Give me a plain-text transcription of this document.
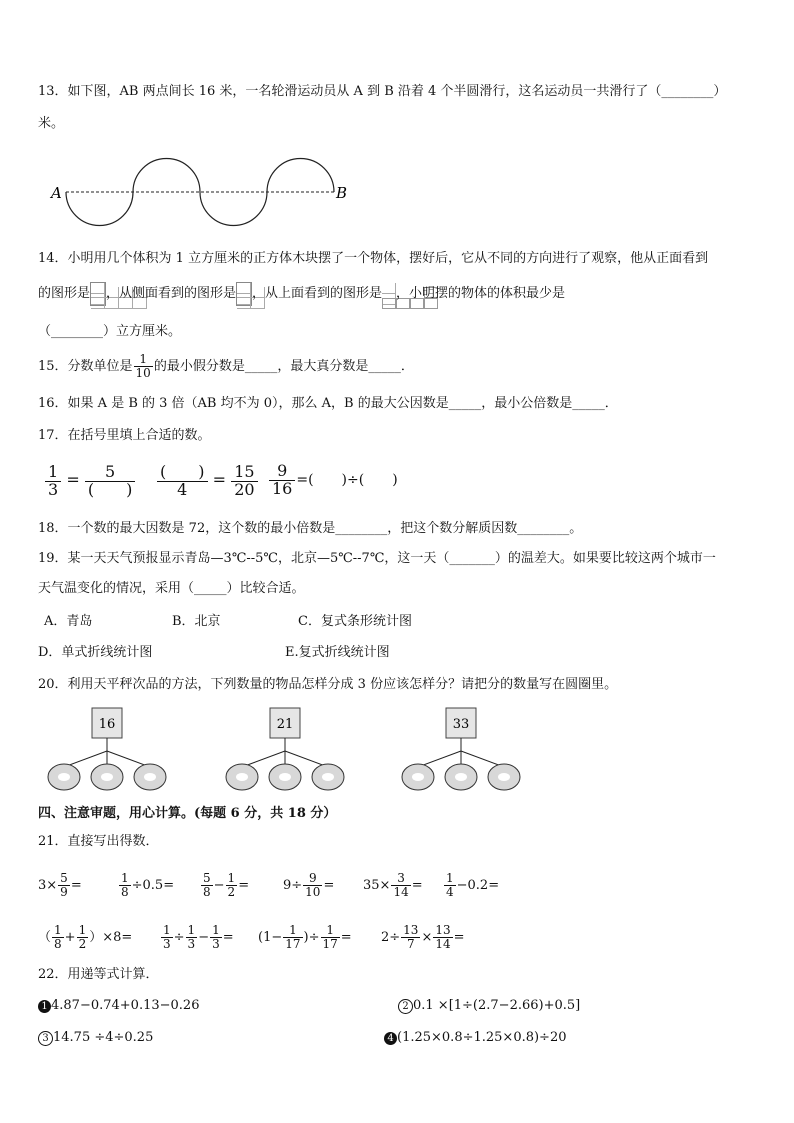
13．如下图，AB 两点间长 16 米，一名轮滑运动员从 A 到 B 沿着 4 个半圆滑行，这名运动员一共滑行了（________）
米。
A	B
14．小明用几个体积为 1 立方厘米的正方体木块摆了一个物体，摆好后，它从不同的方向进行了观察，他从正面看到
的图形是 ，从侧面看到的图形是 ，从上面看到的图形是 ，小明摆的物体的体积最少是
（________）立方厘米。
15．分数单位是 $\frac{1}{10}$ 的最小假分数是_____，最大真分数是_____．
16．如果 A 是 B 的 3 倍（AB 均不为 0），那么 A，B 的最大公因数是_____，最小公倍数是_____．
17．在括号里填上合适的数。
$\frac{1}{3} = \frac{5}{( )} \frac{( )}{4} = \frac{15}{20} \frac{9}{16}$ =(　　)÷(　　)
18．一个数的最大因数是 72，这个数的最小倍数是________，把这个数分解质因数________。
19．某一天天气预报显示青岛—3℃--5℃，北京—5℃--7℃，这一天（_______）的温差大。如果要比较这两个城市一
天气温变化的情况，采用（_____）比较合适。
A．青岛	B．北京	C．复式条形统计图
D．单式折线统计图	E.复式折线统计图
20．利用天平秤次品的方法，下列数量的物品怎样分成 3 份应该怎样分？请把分的数量写在圆圈里。
16	21	33
四、注意审题，用心计算。(每题 6 分，共 18 分）
21．直接写出得数．
$3\times \frac{5}{9}$ =	$\frac{1}{8} \div 0.5= \frac{5}{8} - \frac{1}{2}$ =	$9\div \frac{9}{10} = 35\times \frac{3}{14} = \frac{1}{4} -0.2=$
（ $\frac{1}{8} + \frac{1}{2} )\times 8= \frac{1}{3} \div \frac{1}{3} - \frac{1}{3} = (1- \frac{1}{17}$ )÷ $\frac{1}{17} = 2\div \frac{13}{7} \times \frac{13}{14}$ =
22．用递等式计算．
1 4.87−0.74+0.13−0.26	2 0.1 ×[1÷(2.7−2.66)+0.5]
3 14.75 ÷4÷0.25	4 (1.25×0.8÷1.25×0.8)÷20
